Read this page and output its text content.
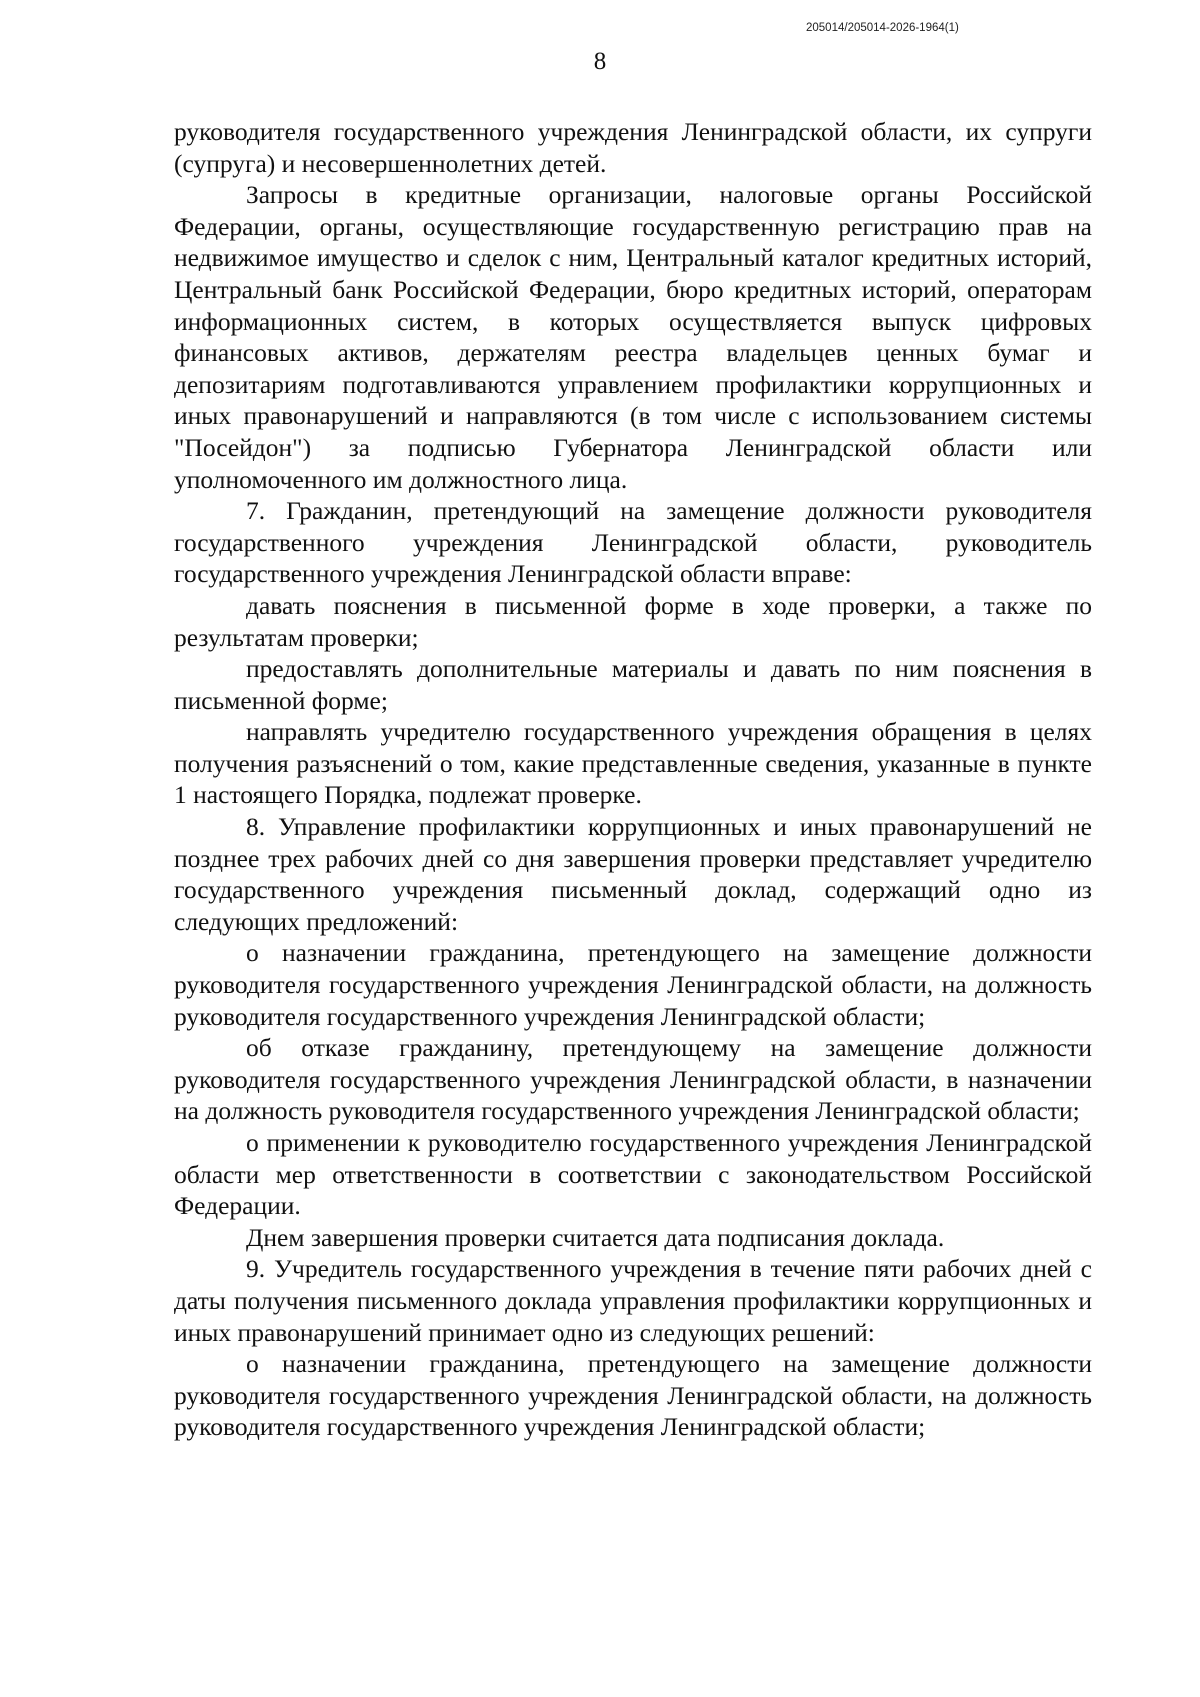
205014/205014-2026-1964(1)
8

руководителя государственного учреждения Ленинградской области, их супруги (супруга) и несовершеннолетних детей.

Запросы в кредитные организации, налоговые органы Российской Федерации, органы, осуществляющие государственную регистрацию прав на недвижимое имущество и сделок с ним, Центральный каталог кредитных историй, Центральный банк Российской Федерации, бюро кредитных историй, операторам информационных систем, в которых осуществляется выпуск цифровых финансовых активов, держателям реестра владельцев ценных бумаг и депозитариям подготавливаются управлением профилактики коррупционных и иных правонарушений и направляются (в том числе с использованием системы "Посейдон") за подписью Губернатора Ленинградской области или уполномоченного им должностного лица.

7. Гражданин, претендующий на замещение должности руководителя государственного учреждения Ленинградской области, руководитель государственного учреждения Ленинградской области вправе:

давать пояснения в письменной форме в ходе проверки, а также по результатам проверки;

предоставлять дополнительные материалы и давать по ним пояснения в письменной форме;

направлять учредителю государственного учреждения обращения в целях получения разъяснений о том, какие представленные сведения, указанные в пункте 1 настоящего Порядка, подлежат проверке.

8. Управление профилактики коррупционных и иных правонарушений не позднее трех рабочих дней со дня завершения проверки представляет учредителю государственного учреждения письменный доклад, содержащий одно из следующих предложений:

о назначении гражданина, претендующего на замещение должности руководителя государственного учреждения Ленинградской области, на должность руководителя государственного учреждения Ленинградской области;

об отказе гражданину, претендующему на замещение должности руководителя государственного учреждения Ленинградской области, в назначении на должность руководителя государственного учреждения Ленинградской области;

о применении к руководителю государственного учреждения Ленинградской области мер ответственности в соответствии с законодательством Российской Федерации.

Днем завершения проверки считается дата подписания доклада.

9. Учредитель государственного учреждения в течение пяти рабочих дней с даты получения письменного доклада управления профилактики коррупционных и иных правонарушений принимает одно из следующих решений:

о назначении гражданина, претендующего на замещение должности руководителя государственного учреждения Ленинградской области, на должность руководителя государственного учреждения Ленинградской области;
